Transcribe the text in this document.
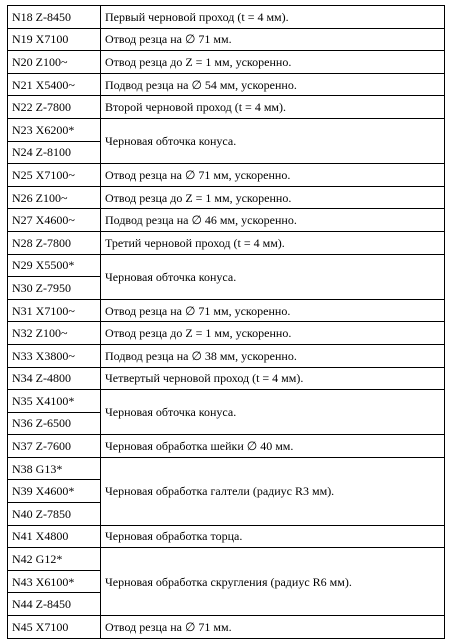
N18 Z-8450	Первый черновой проход (t = 4 мм).
N19 X7100	Отвод резца на ∅ 71 мм.
N20 Z100~	Отвод резца до Z = 1 мм, ускоренно.
N21 X5400~	Подвод резца на ∅ 54 мм, ускоренно.
N22 Z-7800	Второй черновой проход (t = 4 мм).
N23 X6200*	Черновая обточка конуса.
N24 Z-8100	
N25 X7100~	Отвод резца на ∅ 71 мм, ускоренно.
N26 Z100~	Отвод резца до Z = 1 мм, ускоренно.
N27 X4600~	Подвод резца на ∅ 46 мм, ускоренно.
N28 Z-7800	Третий черновой проход (t = 4 мм).
N29 X5500*	Черновая обточка конуса.
N30 Z-7950	
N31 X7100~	Отвод резца на ∅ 71 мм, ускоренно.
N32 Z100~	Отвод резца до Z = 1 мм, ускоренно.
N33 X3800~	Подвод резца на ∅ 38 мм, ускоренно.
N34 Z-4800	Четвертый черновой проход (t = 4 мм).
N35 X4100*	Черновая обточка конуса.
N36 Z-6500	
N37 Z-7600	Черновая обработка шейки ∅ 40 мм.
N38 G13*	Черновая обработка галтели (радиус R3 мм).
N39 X4600*	
N40 Z-7850	
N41 X4800	Черновая обработка торца.
N42 G12*	Черновая обработка скругления (радиус R6 мм).
N43 X6100*	
N44 Z-8450	
N45 X7100	Отвод резца на ∅ 71 мм.
